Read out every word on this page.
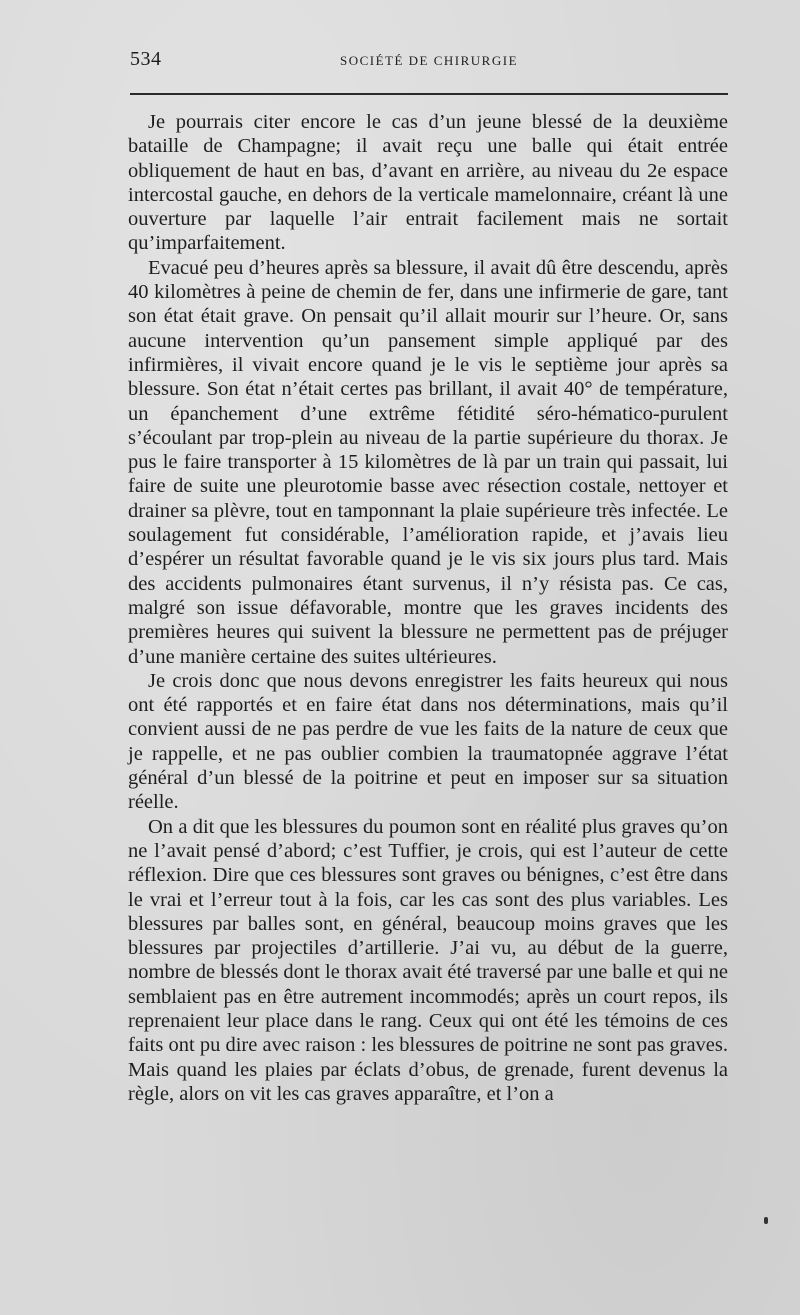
534	SOCIÉTÉ DE CHIRURGIE

Je pourrais citer encore le cas d’un jeune blessé de la deuxième bataille de Champagne; il avait reçu une balle qui était entrée obliquement de haut en bas, d’avant en arrière, au niveau du 2e espace intercostal gauche, en dehors de la verticale mamelonnaire, créant là une ouverture par laquelle l’air entrait facilement mais ne sortait qu’imparfaitement.

Evacué peu d’heures après sa blessure, il avait dû être descendu, après 40 kilomètres à peine de chemin de fer, dans une infirmerie de gare, tant son état était grave. On pensait qu’il allait mourir sur l’heure. Or, sans aucune intervention qu’un pansement simple appliqué par des infirmières, il vivait encore quand je le vis le septième jour après sa blessure. Son état n’était certes pas brillant, il avait 40° de température, un épanchement d’une extrême fétidité séro-hématico-purulent s’écoulant par trop-plein au niveau de la partie supérieure du thorax. Je pus le faire transporter à 15 kilomètres de là par un train qui passait, lui faire de suite une pleurotomie basse avec résection costale, nettoyer et drainer sa plèvre, tout en tamponnant la plaie supérieure très infectée. Le soulagement fut considérable, l’amélioration rapide, et j’avais lieu d’espérer un résultat favorable quand je le vis six jours plus tard. Mais des accidents pulmonaires étant survenus, il n’y résista pas. Ce cas, malgré son issue défavorable, montre que les graves incidents des premières heures qui suivent la blessure ne permettent pas de préjuger d’une manière certaine des suites ultérieures.

Je crois donc que nous devons enregistrer les faits heureux qui nous ont été rapportés et en faire état dans nos déterminations, mais qu’il convient aussi de ne pas perdre de vue les faits de la nature de ceux que je rappelle, et ne pas oublier combien la traumatopnée aggrave l’état général d’un blessé de la poitrine et peut en imposer sur sa situation réelle.

On a dit que les blessures du poumon sont en réalité plus graves qu’on ne l’avait pensé d’abord; c’est Tuffier, je crois, qui est l’auteur de cette réflexion. Dire que ces blessures sont graves ou bénignes, c’est être dans le vrai et l’erreur tout à la fois, car les cas sont des plus variables. Les blessures par balles sont, en général, beaucoup moins graves que les blessures par projectiles d’artillerie. J’ai vu, au début de la guerre, nombre de blessés dont le thorax avait été traversé par une balle et qui ne semblaient pas en être autrement incommodés; après un court repos, ils reprenaient leur place dans le rang. Ceux qui ont été les témoins de ces faits ont pu dire avec raison : les blessures de poitrine ne sont pas graves. Mais quand les plaies par éclats d’obus, de grenade, furent devenus la règle, alors on vit les cas graves apparaître, et l’on a
